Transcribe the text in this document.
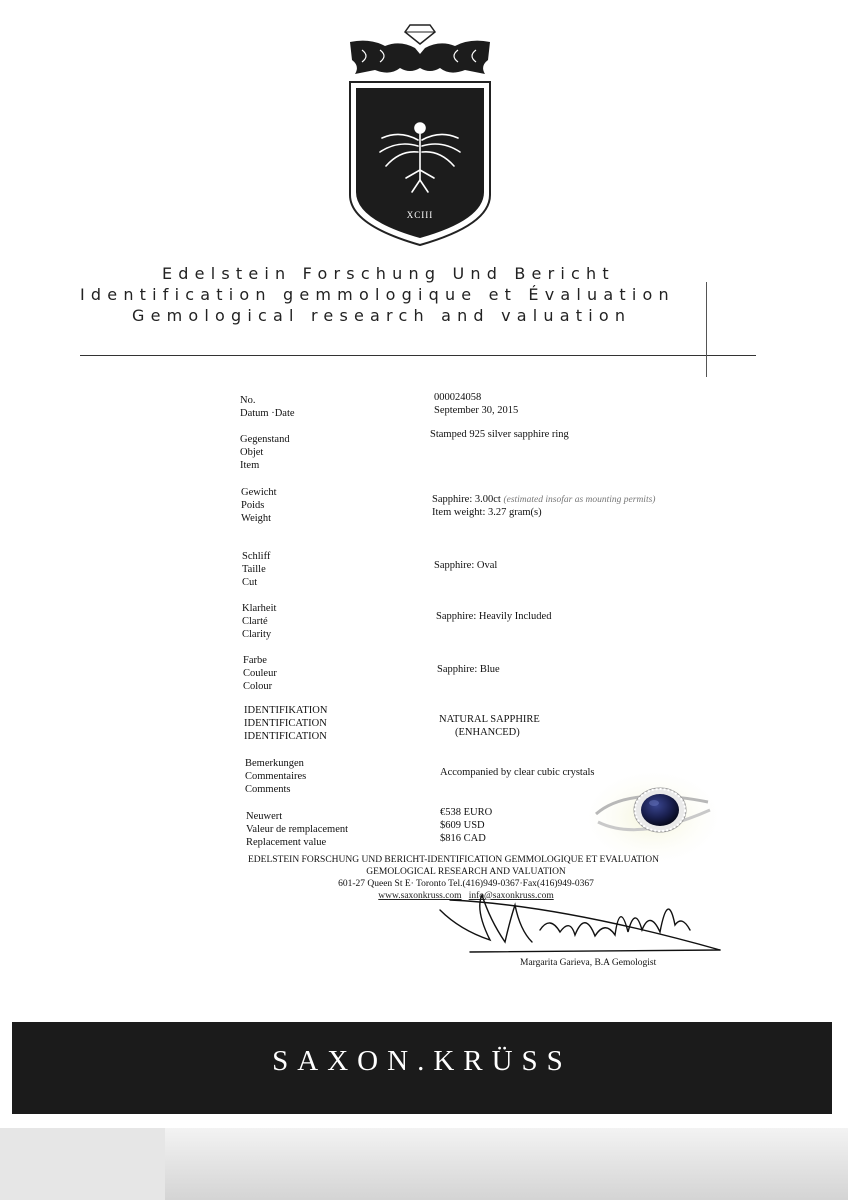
XCIII
Edelstein Forschung Und Bericht
Identification gemmologique et Évaluation
Gemological research and valuation
No.
Datum ·Date
000024058
September 30, 2015
Gegenstand
Objet
Item
Stamped 925 silver sapphire ring
Gewicht
Poids
Weight
Sapphire: 3.00ct (estimated insofar as mounting permits)
Item weight: 3.27 gram(s)
Schliff
Taille
Cut
Sapphire: Oval
Klarheit
Clarté
Clarity
Sapphire: Heavily Included
Farbe
Couleur
Colour
Sapphire: Blue
IDENTIFIKATION
IDENTIFICATION
IDENTIFICATION
NATURAL SAPPHIRE
(ENHANCED)
Bemerkungen
Commentaires
Comments
Accompanied by clear cubic crystals
Neuwert
Valeur de remplacement
Replacement value
€538 EURO
$609 USD
$816 CAD
EDELSTEIN FORSCHUNG UND BERICHT-IDENTIFICATION GEMMOLOGIQUE ET EVALUATION
GEMOLOGICAL RESEARCH AND VALUATION
601-27 Queen St E· Toronto Tel.(416)949-0367·Fax(416)949-0367
www.saxonkruss.com info@saxonkruss.com
Margarita Garieva, B.A Gemologist
SAXON.KRÜSS
